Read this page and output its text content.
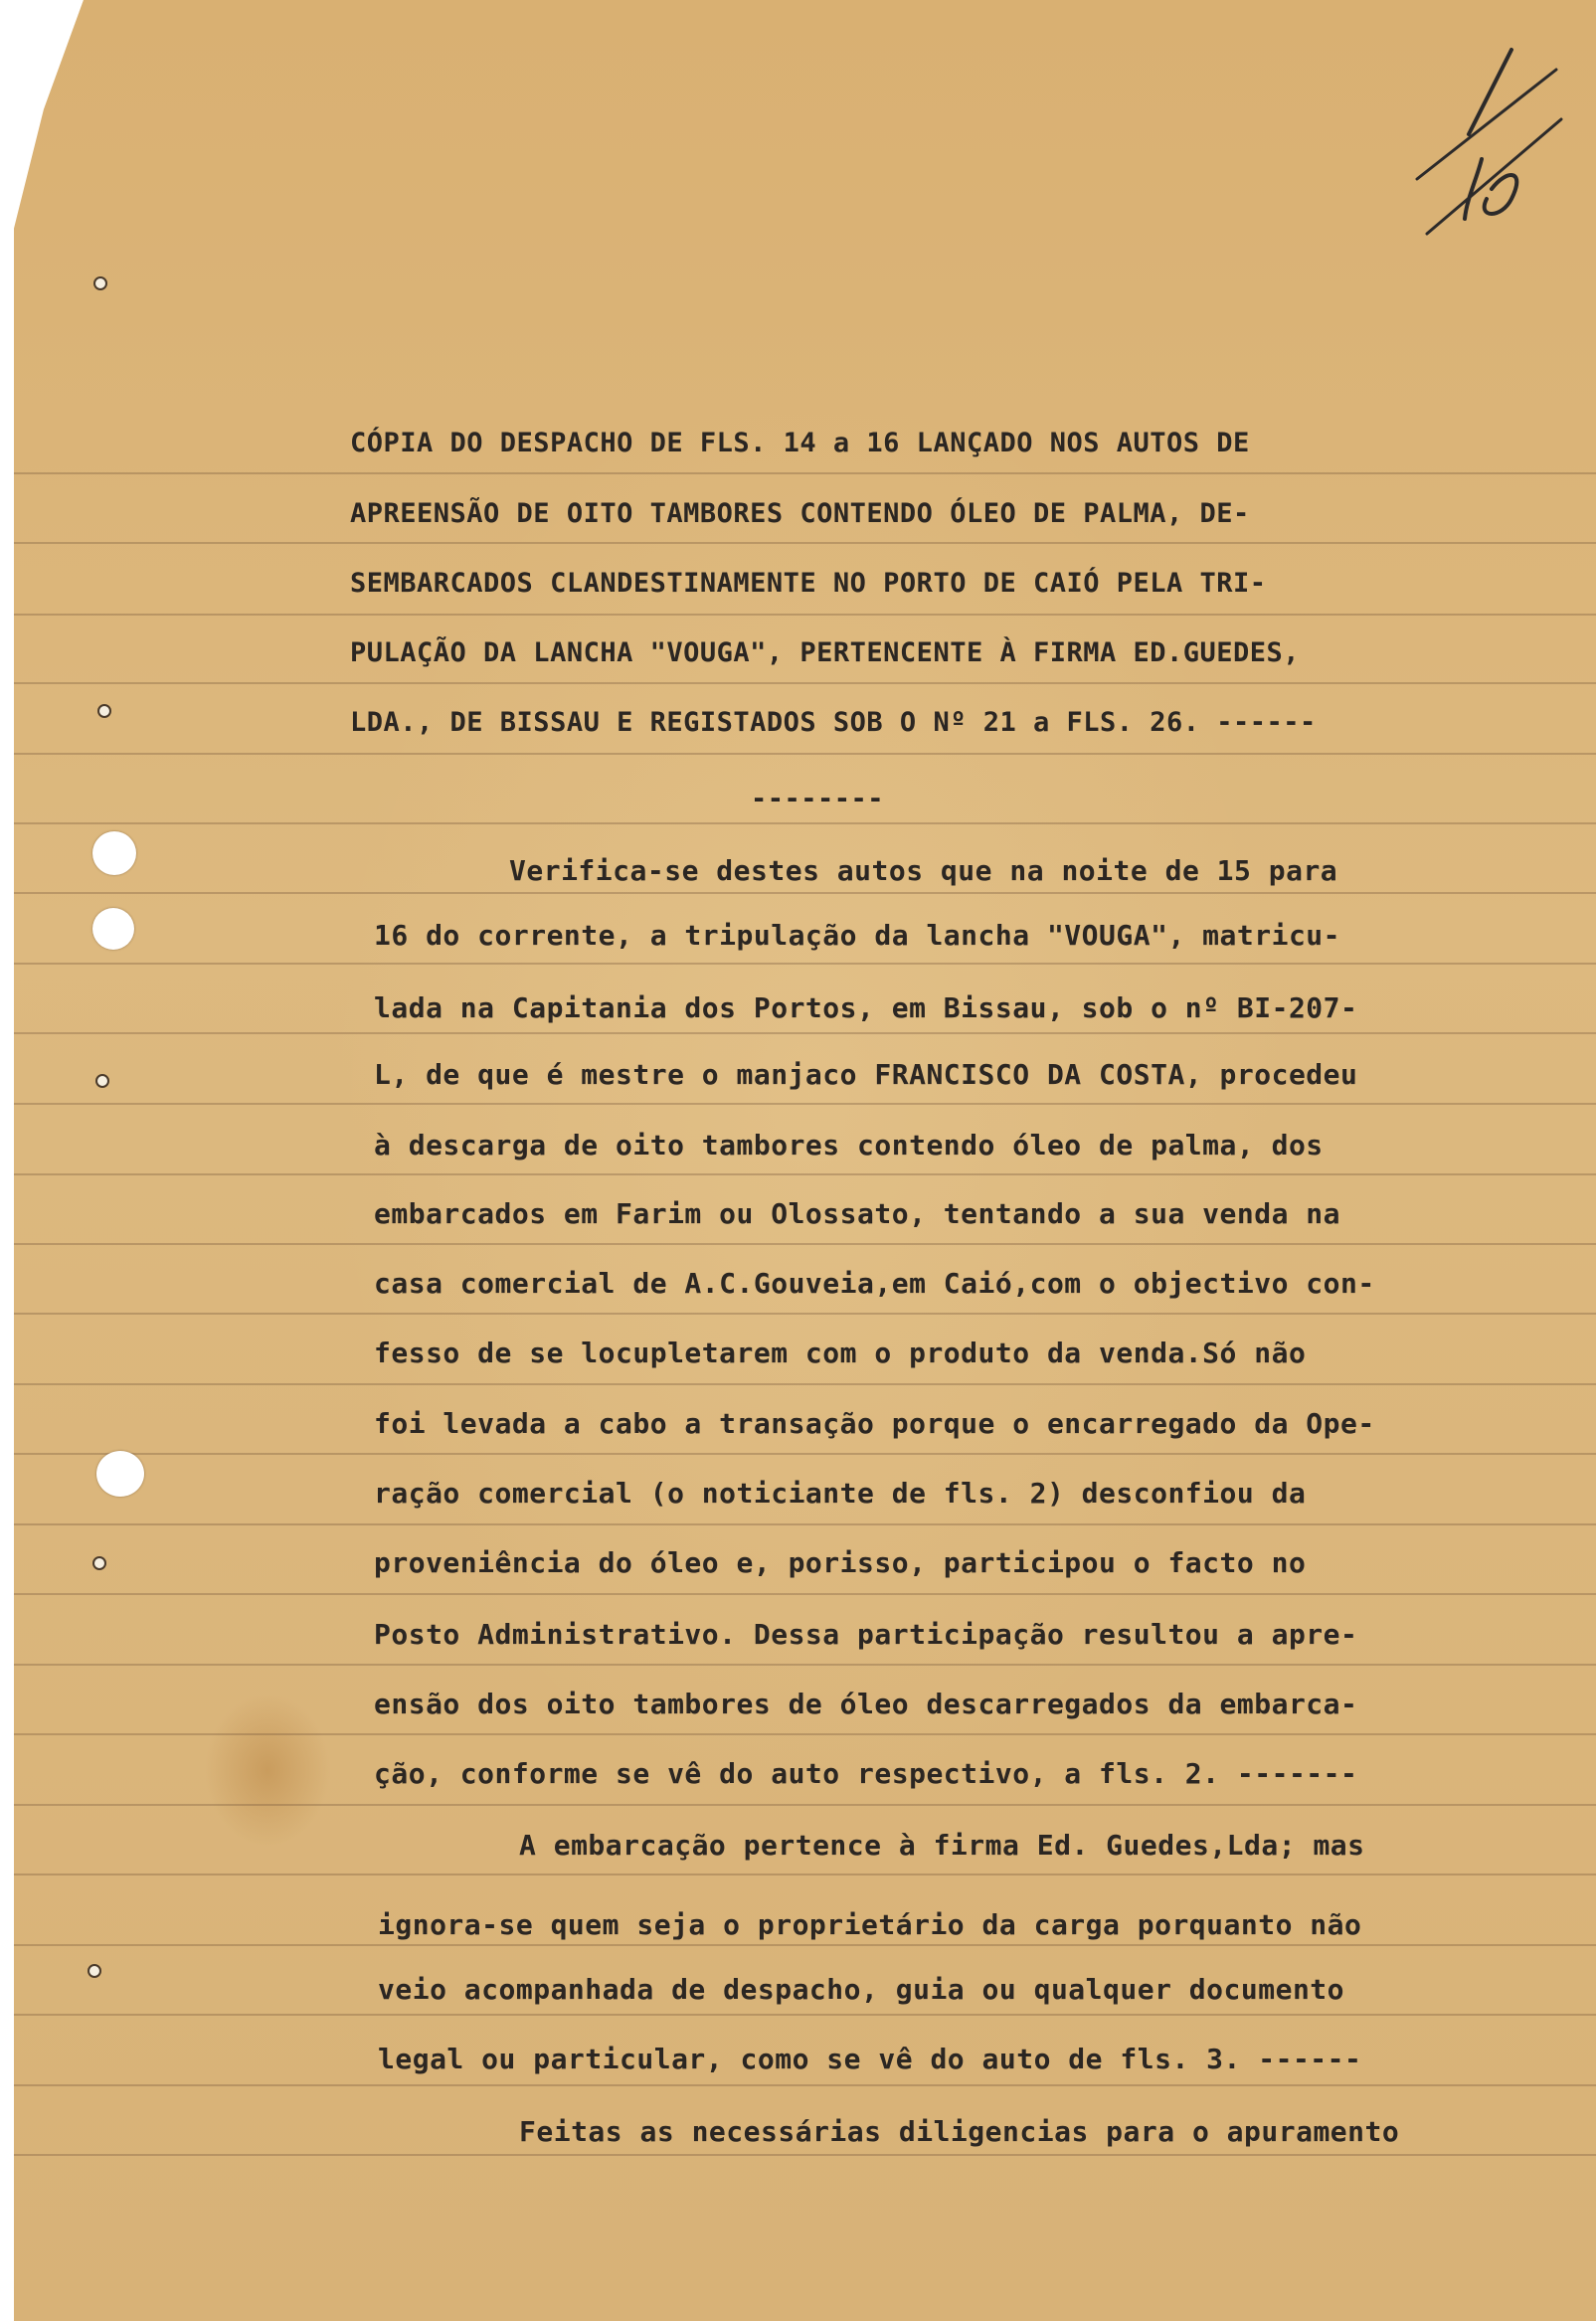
CÓPIA DO DESPACHO DE FLS. 14 a 16 LANÇADO NOS AUTOS DE
APREENSÃO DE OITO TAMBORES CONTENDO ÓLEO DE PALMA, DE-
SEMBARCADOS CLANDESTINAMENTE NO PORTO DE CAIÓ PELA TRI-
PULAÇÃO DA LANCHA "VOUGA", PERTENCENTE À FIRMA ED.GUEDES,
LDA., DE BISSAU E REGISTADOS SOB O Nº 21 a FLS. 26. ------
--------
Verifica-se destes autos que na noite de 15 para
16 do corrente, a tripulação da lancha "VOUGA", matricu-
lada na Capitania dos Portos, em Bissau, sob o nº BI-207-
L, de que é mestre o manjaco FRANCISCO DA COSTA, procedeu
à descarga de oito tambores contendo óleo de palma, dos
embarcados em Farim ou Olossato, tentando a sua venda na
casa comercial de A.C.Gouveia,em Caió,com o objectivo con-
fesso de se locupletarem com o produto da venda.Só não
foi levada a cabo a transação porque o encarregado da Ope-
ração comercial (o noticiante de fls. 2) desconfiou da
proveniência do óleo e, porisso, participou o facto no
Posto Administrativo. Dessa participação resultou a apre-
ensão dos oito tambores de óleo descarregados da embarca-
ção, conforme se vê do auto respectivo, a fls. 2. -------
A embarcação pertence à firma Ed. Guedes,Lda; mas
ignora-se quem seja o proprietário da carga porquanto não
veio acompanhada de despacho, guia ou qualquer documento
legal ou particular, como se vê do auto de fls. 3. ------
Feitas as necessárias diligencias para o apuramento
